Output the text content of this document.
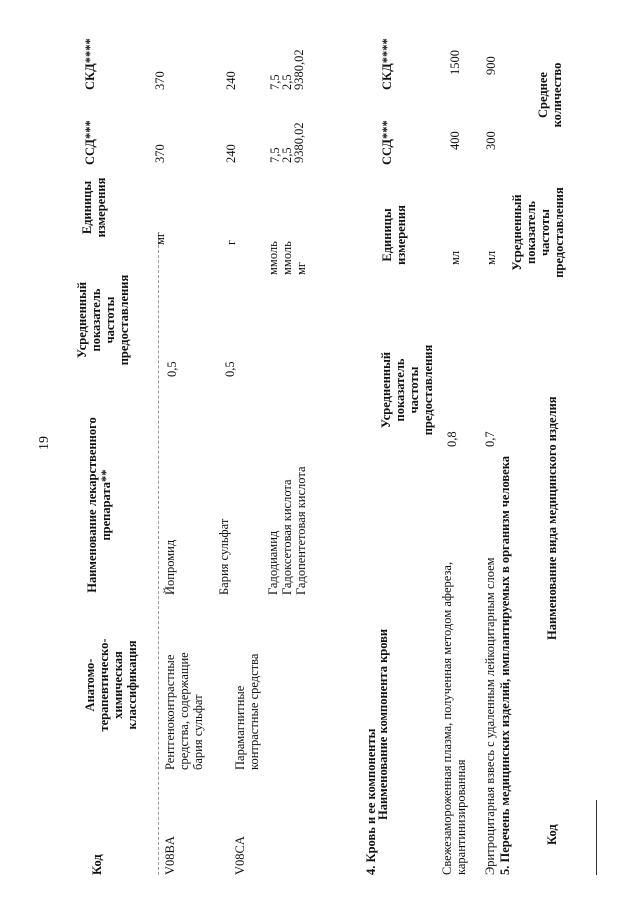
19
Код
Анатомо-
терапевтическо-
химическая
классификация
Наименование лекарственного
препарата**
Усредненный
показатель
частоты
предоставления
Единицы
измерения
ССД***
СКД****
V08BA
Рентгеноконтрастные
средства, содержащие
бария сульфат
Йопромид
0,5
мг
370
370
Бария сульфат
г
240
240
V08CA
Парамагнитные
контрастные средства
0,5
Гадодиамид Гадоксетовая кислота Гадопентетовая кислота
ммоль ммоль мг
7,5
2,5
9380,02
7,5
2,5
9380,02
4. Кровь и ее компоненты
Наименование компонента крови
Усредненный
показатель
частоты
предоставления
Единицы
измерения
ССД***
СКД****
Свежезамороженная плазма, полученная методом афереза,
карантинизированная
0,8
мл
400
1500
Эритроцитарная взвесь с удаленным лейкоцитарным слоем
0,7
мл
300
900
5. Перечень медицинских изделий, имплантируемых в организм человека
Усредненный
показатель
частоты
предоставления
Среднее
количество
Код
Наименование вида медицинского изделия
